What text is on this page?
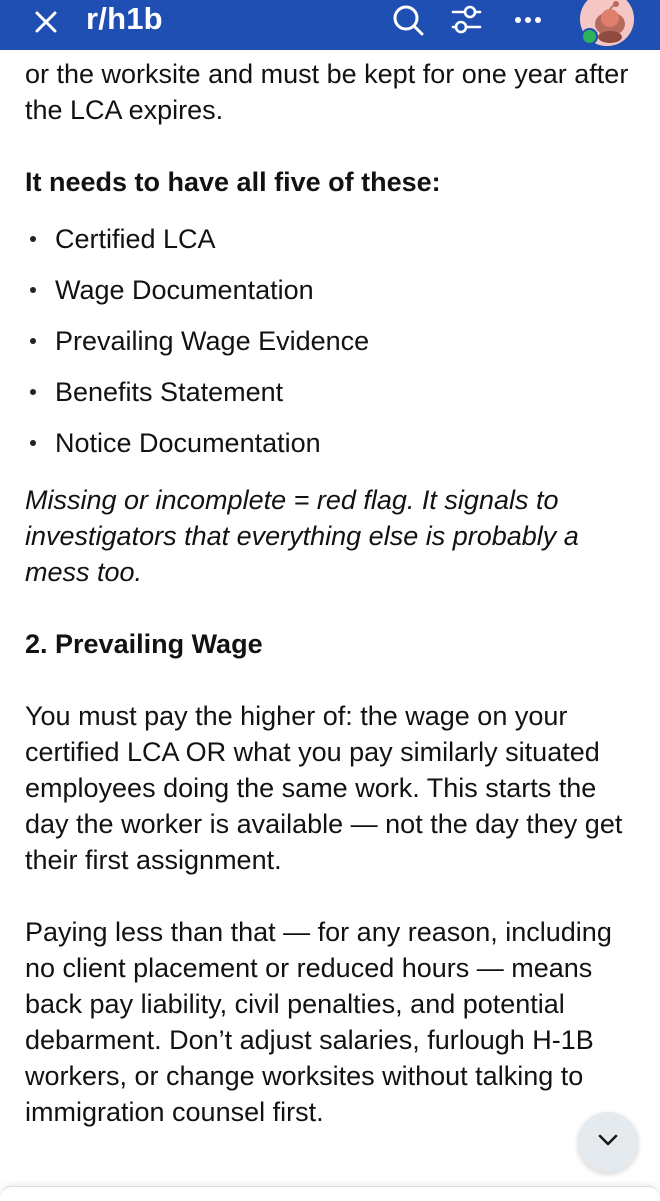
r/h1b

or the worksite and must be kept for one year after the LCA expires.

It needs to have all five of these:

Certified LCA
Wage Documentation
Prevailing Wage Evidence
Benefits Statement
Notice Documentation

Missing or incomplete = red flag. It signals to investigators that everything else is probably a mess too.

2. Prevailing Wage

You must pay the higher of: the wage on your certified LCA OR what you pay similarly situated employees doing the same work. This starts the day the worker is available — not the day they get their first assignment.

Paying less than that — for any reason, including no client placement or reduced hours — means back pay liability, civil penalties, and potential debarment. Don’t adjust salaries, furlough H-1B workers, or change worksites without talking to immigration counsel first.
